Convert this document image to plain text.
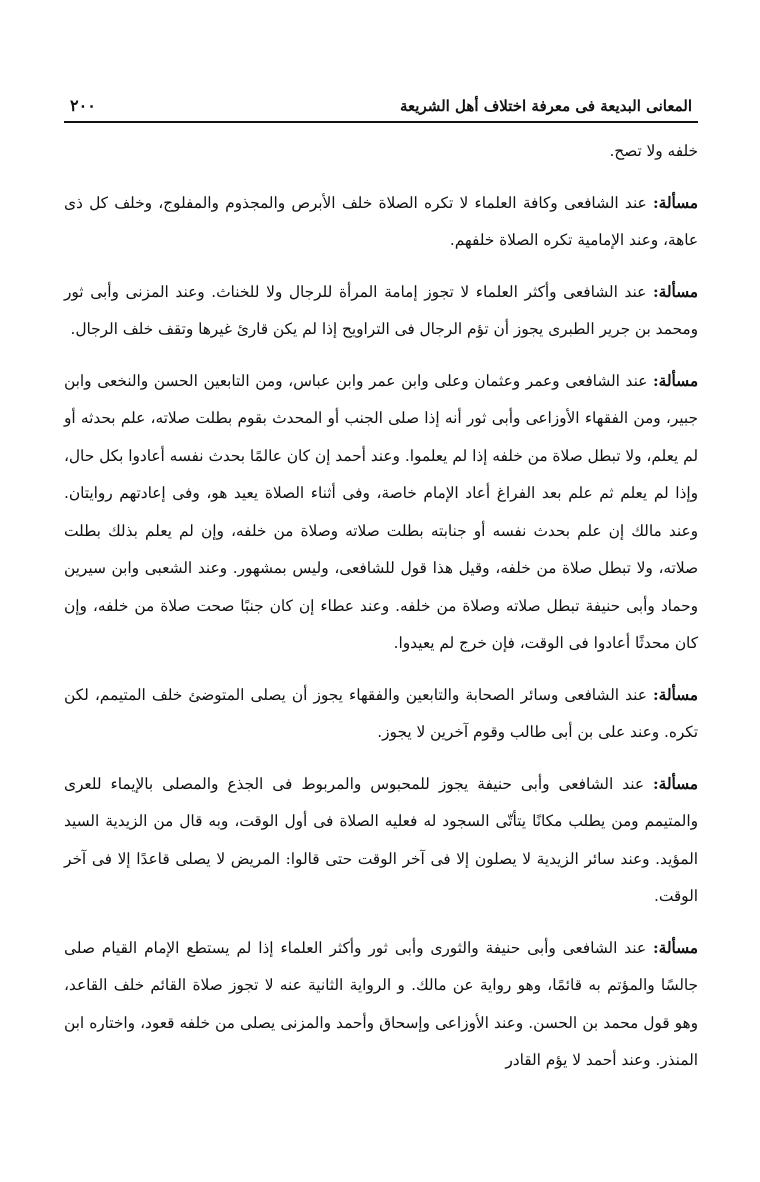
المعانى البديعة فى معرفة اختلاف أهل الشريعة
٢٠٠

خلفه ولا تصح.

مسألة: عند الشافعى وكافة العلماء لا تكره الصلاة خلف الأبرص والمجذوم والمفلوج، وخلف كل ذى عاهة، وعند الإمامية تكره الصلاة خلفهم.

مسألة: عند الشافعى وأكثر العلماء لا تجوز إمامة المرأة للرجال ولا للخناث. وعند المزنى وأبى ثور ومحمد بن جرير الطبرى يجوز أن تؤم الرجال فى التراويح إذا لم يكن قارئ غيرها وتقف خلف الرجال.

مسألة: عند الشافعى وعمر وعثمان وعلى وابن عمر وابن عباس، ومن التابعين الحسن والنخعى وابن جبير، ومن الفقهاء الأوزاعى وأبى ثور أنه إذا صلى الجنب أو المحدث بقوم بطلت صلاته، علم بحدثه أو لم يعلم، ولا تبطل صلاة من خلفه إذا لم يعلموا. وعند أحمد إن كان عالمًا بحدث نفسه أعادوا بكل حال، وإذا لم يعلم ثم علم بعد الفراغ أعاد الإمام خاصة، وفى أثناء الصلاة يعيد هو، وفى إعادتهم روايتان. وعند مالك إن علم بحدث نفسه أو جنابته بطلت صلاته وصلاة من خلفه، وإن لم يعلم بذلك بطلت صلاته، ولا تبطل صلاة من خلفه، وقيل هذا قول للشافعى، وليس بمشهور. وعند الشعبى وابن سيرين وحماد وأبى حنيفة تبطل صلاته وصلاة من خلفه. وعند عطاء إن كان جنبًا صحت صلاة من خلفه، وإن كان محدثًا أعادوا فى الوقت، فإن خرج لم يعيدوا.

مسألة: عند الشافعى وسائر الصحابة والتابعين والفقهاء يجوز أن يصلى المتوضئ خلف المتيمم، لكن تكره. وعند على بن أبى طالب وقوم آخرين لا يجوز.

مسألة: عند الشافعى وأبى حنيفة يجوز للمحبوس والمربوط فى الجذع والمصلى بالإيماء للعرى والمتيمم ومن يطلب مكانًا يتأتّى السجود له فعليه الصلاة فى أول الوقت، وبه قال من الزيدية السيد المؤيد. وعند سائر الزيدية لا يصلون إلا فى آخر الوقت حتى قالوا: المريض لا يصلى قاعدًا إلا فى آخر الوقت.

مسألة: عند الشافعى وأبى حنيفة والثورى وأبى ثور وأكثر العلماء إذا لم يستطع الإمام القيام صلى جالسًا والمؤتم به قائمًا، وهو رواية عن مالك. و الرواية الثانية عنه لا تجوز صلاة القائم خلف القاعد، وهو قول محمد بن الحسن. وعند الأوزاعى وإسحاق وأحمد والمزنى يصلى من خلفه قعود، واختاره ابن المنذر. وعند أحمد لا يؤم القادر
